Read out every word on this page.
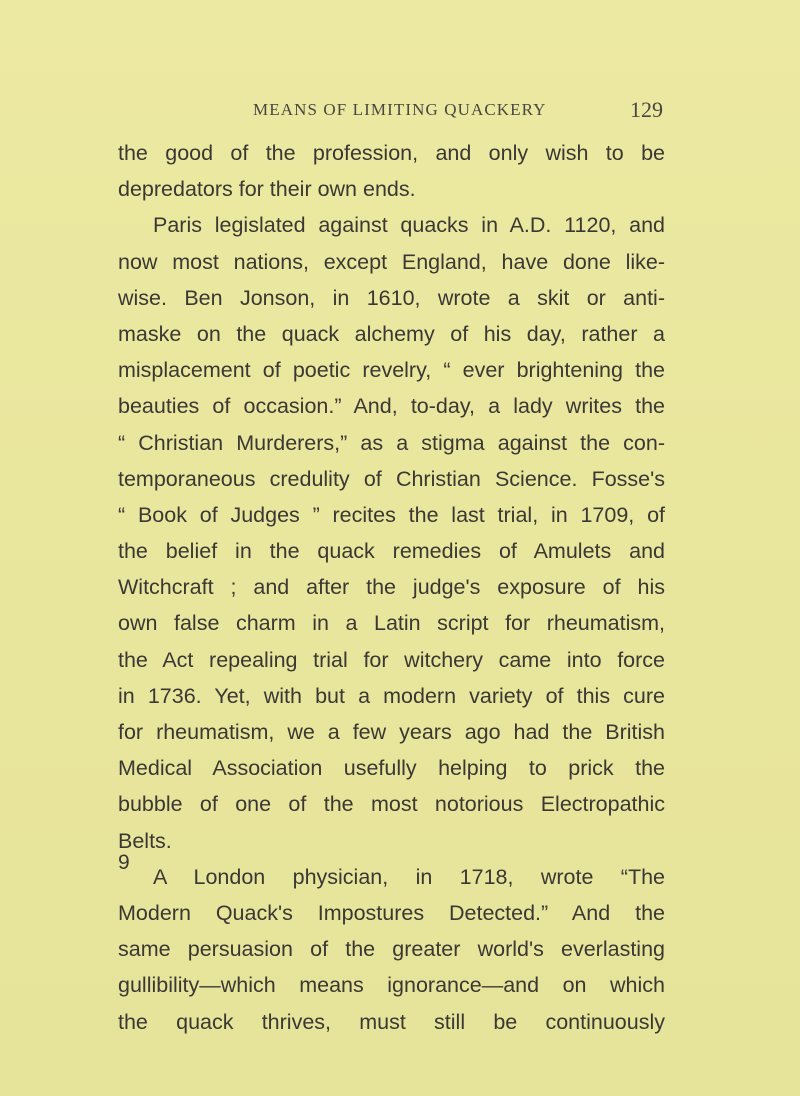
MEANS OF LIMITING QUACKERY	129
the good of the profession, and only wish to be
depredators for their own ends.
Paris legislated against quacks in A.D. 1120, and
now most nations, except England, have done like-
wise. Ben Jonson, in 1610, wrote a skit or anti-
maske on the quack alchemy of his day, rather a
misplacement of poetic revelry, “ ever brightening the
beauties of occasion.” And, to-day, a lady writes the
“ Christian Murderers,” as a stigma against the con-
temporaneous credulity of Christian Science. Fosse's
“ Book of Judges ” recites the last trial, in 1709, of
the belief in the quack remedies of Amulets and
Witchcraft ; and after the judge's exposure of his
own false charm in a Latin script for rheumatism,
the Act repealing trial for witchery came into force
in 1736. Yet, with but a modern variety of this cure
for rheumatism, we a few years ago had the British
Medical Association usefully helping to prick the
bubble of one of the most notorious Electropathic
Belts.
A London physician, in 1718, wrote “The
Modern Quack's Impostures Detected.” And the
same persuasion of the greater world's everlasting
gullibility—which means ignorance—and on which
the quack thrives, must still be continuously
9
